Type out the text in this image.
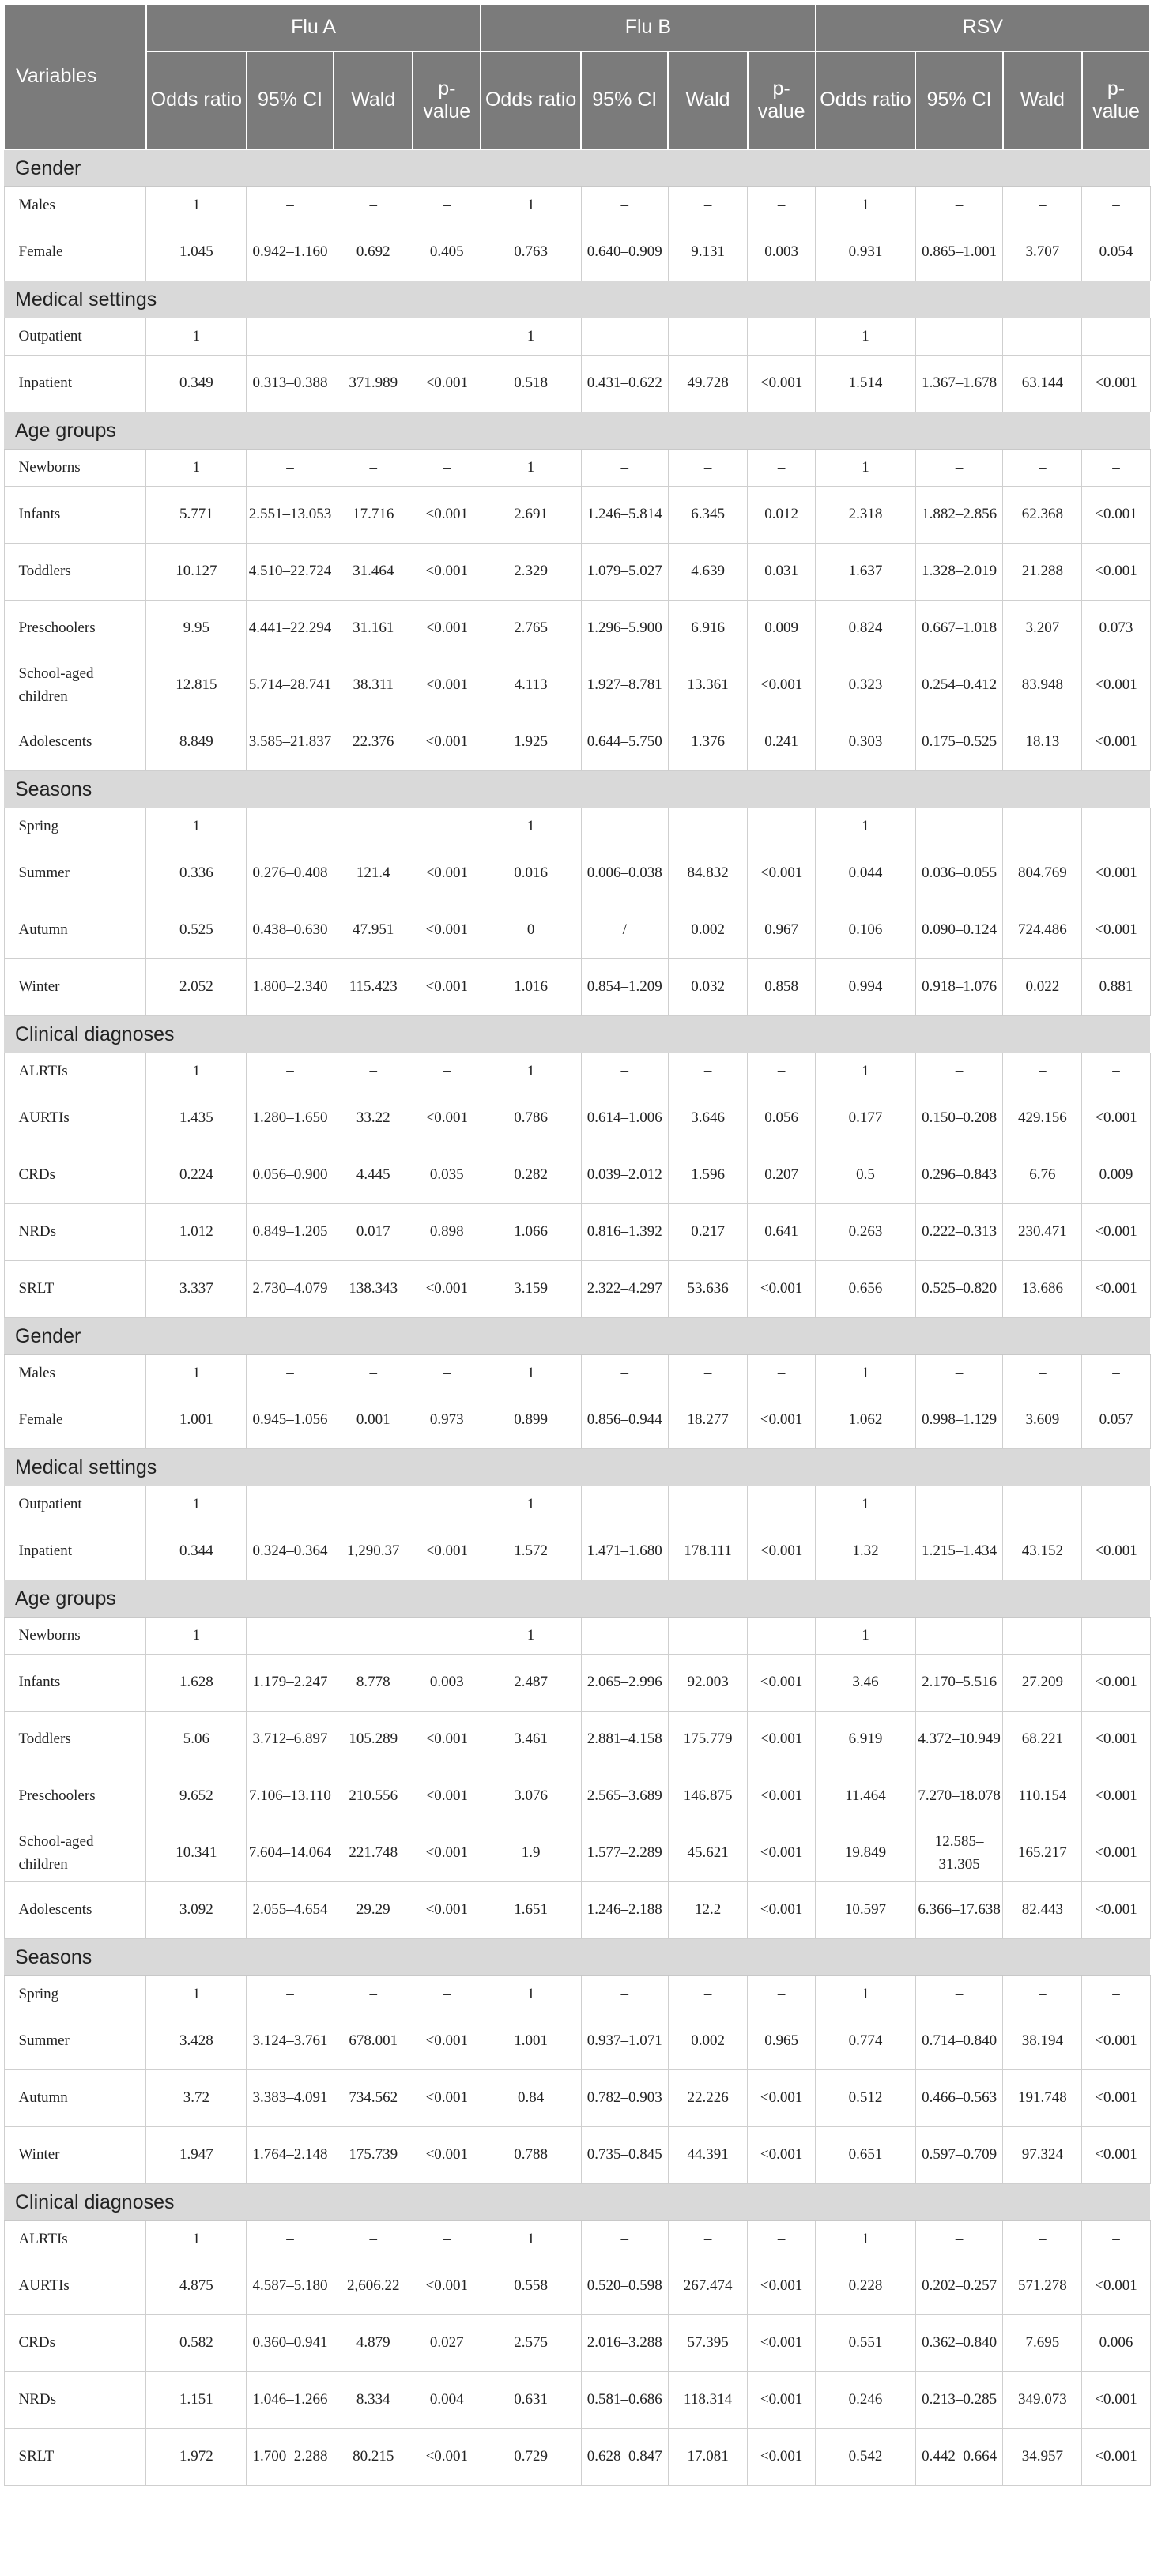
Variables	Flu A				Flu B				RSV			
	Odds ratio	95% CI	Wald	p-value	Odds ratio	95% CI	Wald	p-value	Odds ratio	95% CI	Wald	p-value
Gender												
Males	1	–	–	–	1	–	–	–	1	–	–	–
Female	1.045	0.942–1.160	0.692	0.405	0.763	0.640–0.909	9.131	0.003	0.931	0.865–1.001	3.707	0.054
Medical settings												
Outpatient	1	–	–	–	1	–	–	–	1	–	–	–
Inpatient	0.349	0.313–0.388	371.989	<0.001	0.518	0.431–0.622	49.728	<0.001	1.514	1.367–1.678	63.144	<0.001
Age groups												
Newborns	1	–	–	–	1	–	–	–	1	–	–	–
Infants	5.771	2.551–13.053	17.716	<0.001	2.691	1.246–5.814	6.345	0.012	2.318	1.882–2.856	62.368	<0.001
Toddlers	10.127	4.510–22.724	31.464	<0.001	2.329	1.079–5.027	4.639	0.031	1.637	1.328–2.019	21.288	<0.001
Preschoolers	9.95	4.441–22.294	31.161	<0.001	2.765	1.296–5.900	6.916	0.009	0.824	0.667–1.018	3.207	0.073
School-aged children	12.815	5.714–28.741	38.311	<0.001	4.113	1.927–8.781	13.361	<0.001	0.323	0.254–0.412	83.948	<0.001
Adolescents	8.849	3.585–21.837	22.376	<0.001	1.925	0.644–5.750	1.376	0.241	0.303	0.175–0.525	18.13	<0.001
Seasons												
Spring	1	–	–	–	1	–	–	–	1	–	–	–
Summer	0.336	0.276–0.408	121.4	<0.001	0.016	0.006–0.038	84.832	<0.001	0.044	0.036–0.055	804.769	<0.001
Autumn	0.525	0.438–0.630	47.951	<0.001	0	/	0.002	0.967	0.106	0.090–0.124	724.486	<0.001
Winter	2.052	1.800–2.340	115.423	<0.001	1.016	0.854–1.209	0.032	0.858	0.994	0.918–1.076	0.022	0.881
Clinical diagnoses												
ALRTIs	1	–	–	–	1	–	–	–	1	–	–	–
AURTIs	1.435	1.280–1.650	33.22	<0.001	0.786	0.614–1.006	3.646	0.056	0.177	0.150–0.208	429.156	<0.001
CRDs	0.224	0.056–0.900	4.445	0.035	0.282	0.039–2.012	1.596	0.207	0.5	0.296–0.843	6.76	0.009
NRDs	1.012	0.849–1.205	0.017	0.898	1.066	0.816–1.392	0.217	0.641	0.263	0.222–0.313	230.471	<0.001
SRLT	3.337	2.730–4.079	138.343	<0.001	3.159	2.322–4.297	53.636	<0.001	0.656	0.525–0.820	13.686	<0.001
Gender												
Males	1	–	–	–	1	–	–	–	1	–	–	–
Female	1.001	0.945–1.056	0.001	0.973	0.899	0.856–0.944	18.277	<0.001	1.062	0.998–1.129	3.609	0.057
Medical settings												
Outpatient	1	–	–	–	1	–	–	–	1	–	–	–
Inpatient	0.344	0.324–0.364	1,290.37	<0.001	1.572	1.471–1.680	178.111	<0.001	1.32	1.215–1.434	43.152	<0.001
Age groups												
Newborns	1	–	–	–	1	–	–	–	1	–	–	–
Infants	1.628	1.179–2.247	8.778	0.003	2.487	2.065–2.996	92.003	<0.001	3.46	2.170–5.516	27.209	<0.001
Toddlers	5.06	3.712–6.897	105.289	<0.001	3.461	2.881–4.158	175.779	<0.001	6.919	4.372–10.949	68.221	<0.001
Preschoolers	9.652	7.106–13.110	210.556	<0.001	3.076	2.565–3.689	146.875	<0.001	11.464	7.270–18.078	110.154	<0.001
School-aged children	10.341	7.604–14.064	221.748	<0.001	1.9	1.577–2.289	45.621	<0.001	19.849	12.585–31.305	165.217	<0.001
Adolescents	3.092	2.055–4.654	29.29	<0.001	1.651	1.246–2.188	12.2	<0.001	10.597	6.366–17.638	82.443	<0.001
Seasons												
Spring	1	–	–	–	1	–	–	–	1	–	–	–
Summer	3.428	3.124–3.761	678.001	<0.001	1.001	0.937–1.071	0.002	0.965	0.774	0.714–0.840	38.194	<0.001
Autumn	3.72	3.383–4.091	734.562	<0.001	0.84	0.782–0.903	22.226	<0.001	0.512	0.466–0.563	191.748	<0.001
Winter	1.947	1.764–2.148	175.739	<0.001	0.788	0.735–0.845	44.391	<0.001	0.651	0.597–0.709	97.324	<0.001
Clinical diagnoses												
ALRTIs	1	–	–	–	1	–	–	–	1	–	–	–
AURTIs	4.875	4.587–5.180	2,606.22	<0.001	0.558	0.520–0.598	267.474	<0.001	0.228	0.202–0.257	571.278	<0.001
CRDs	0.582	0.360–0.941	4.879	0.027	2.575	2.016–3.288	57.395	<0.001	0.551	0.362–0.840	7.695	0.006
NRDs	1.151	1.046–1.266	8.334	0.004	0.631	0.581–0.686	118.314	<0.001	0.246	0.213–0.285	349.073	<0.001
SRLT	1.972	1.700–2.288	80.215	<0.001	0.729	0.628–0.847	17.081	<0.001	0.542	0.442–0.664	34.957	<0.001
